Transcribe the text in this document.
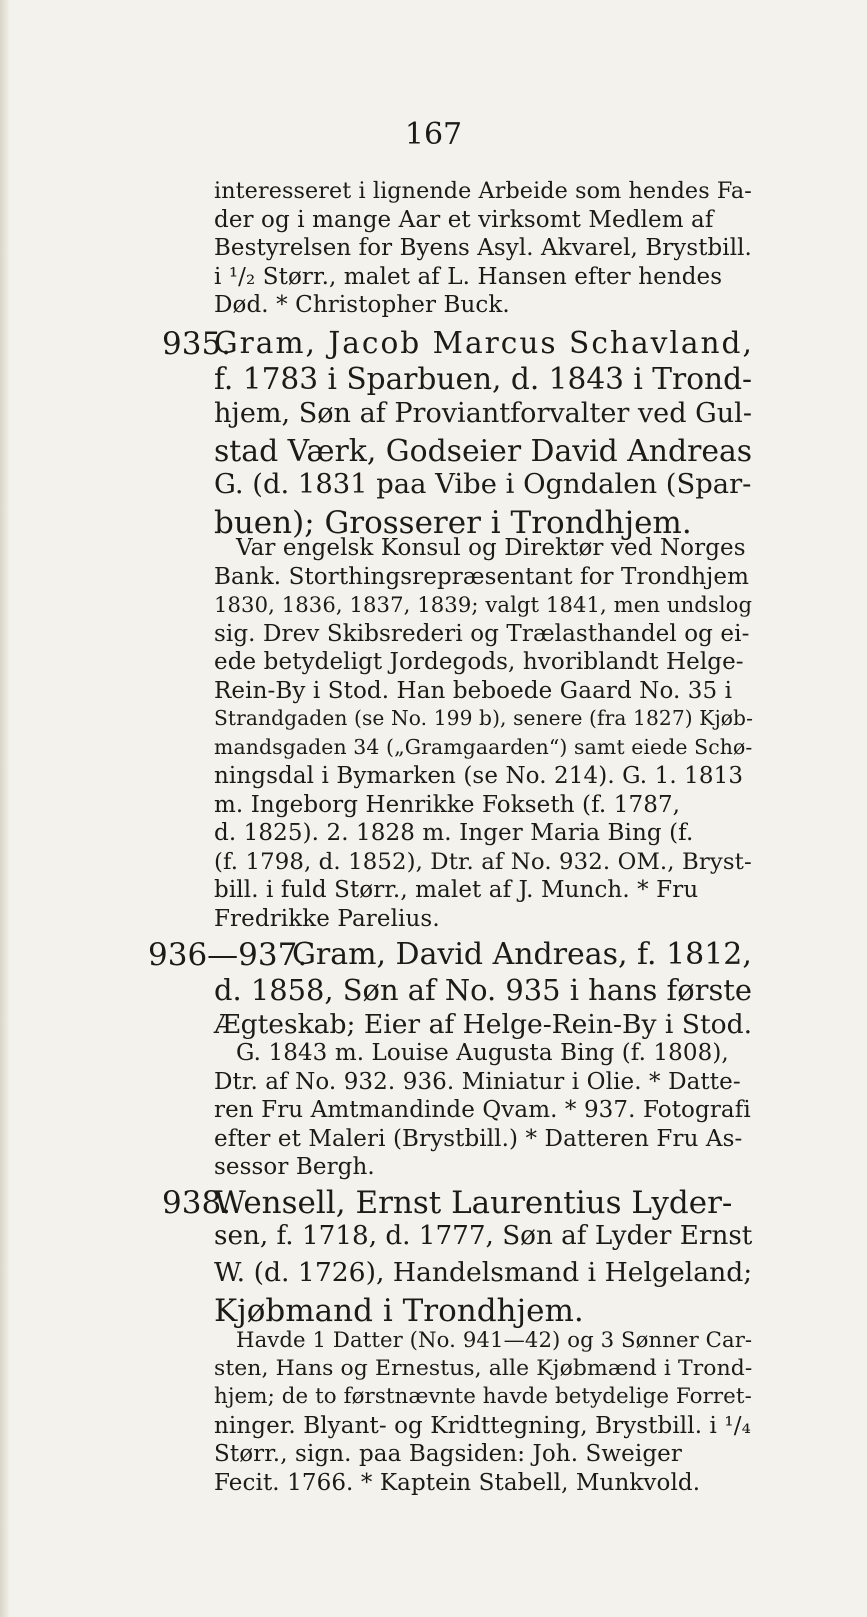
167
interesseret i lignende Arbeide som hendes Fa-
der og i mange Aar et virksomt Medlem af
Bestyrelsen for Byens Asyl. Akvarel, Brystbill.
i ¹/₂ Størr., malet af L. Hansen efter hendes
Død. * Christopher Buck.
935.
Gram, Jacob Marcus Schavland,
f. 1783 i Sparbuen, d. 1843 i Trond-
hjem, Søn af Proviantforvalter ved Gul-
stad Værk, Godseier David Andreas
G. (d. 1831 paa Vibe i Ogndalen (Spar-
buen); Grosserer i Trondhjem.
Var engelsk Konsul og Direktør ved Norges
Bank. Storthingsrepræsentant for Trondhjem
1830, 1836, 1837, 1839; valgt 1841, men undslog
sig. Drev Skibsrederi og Trælasthandel og ei-
ede betydeligt Jordegods, hvoriblandt Helge-
Rein-By i Stod. Han beboede Gaard No. 35 i
Strandgaden (se No. 199 b), senere (fra 1827) Kjøb-
mandsgaden 34 („Gramgaarden“) samt eiede Schø-
ningsdal i Bymarken (se No. 214). G. 1. 1813
m. Ingeborg Henrikke Fokseth (f. 1787,
d. 1825). 2. 1828 m. Inger Maria Bing (f.
(f. 1798, d. 1852), Dtr. af No. 932. OM., Bryst-
bill. i fuld Størr., malet af J. Munch. * Fru
Fredrikke Parelius.
936—937.
Gram, David Andreas, f. 1812,
d. 1858, Søn af No. 935 i hans første
Ægteskab; Eier af Helge-Rein-By i Stod.
G. 1843 m. Louise Augusta Bing (f. 1808),
Dtr. af No. 932. 936. Miniatur i Olie. * Datte-
ren Fru Amtmandinde Qvam. * 937. Fotografi
efter et Maleri (Brystbill.) * Datteren Fru As-
sessor Bergh.
938.
Wensell, Ernst Laurentius Lyder-
sen, f. 1718, d. 1777, Søn af Lyder Ernst
W. (d. 1726), Handelsmand i Helgeland;
Kjøbmand i Trondhjem.
Havde 1 Datter (No. 941—42) og 3 Sønner Car-
sten, Hans og Ernestus, alle Kjøbmænd i Trond-
hjem; de to førstnævnte havde betydelige Forret-
ninger. Blyant- og Kridttegning, Brystbill. i ¹/₄
Størr., sign. paa Bagsiden: Joh. Sweiger
Fecit. 1766. * Kaptein Stabell, Munkvold.
